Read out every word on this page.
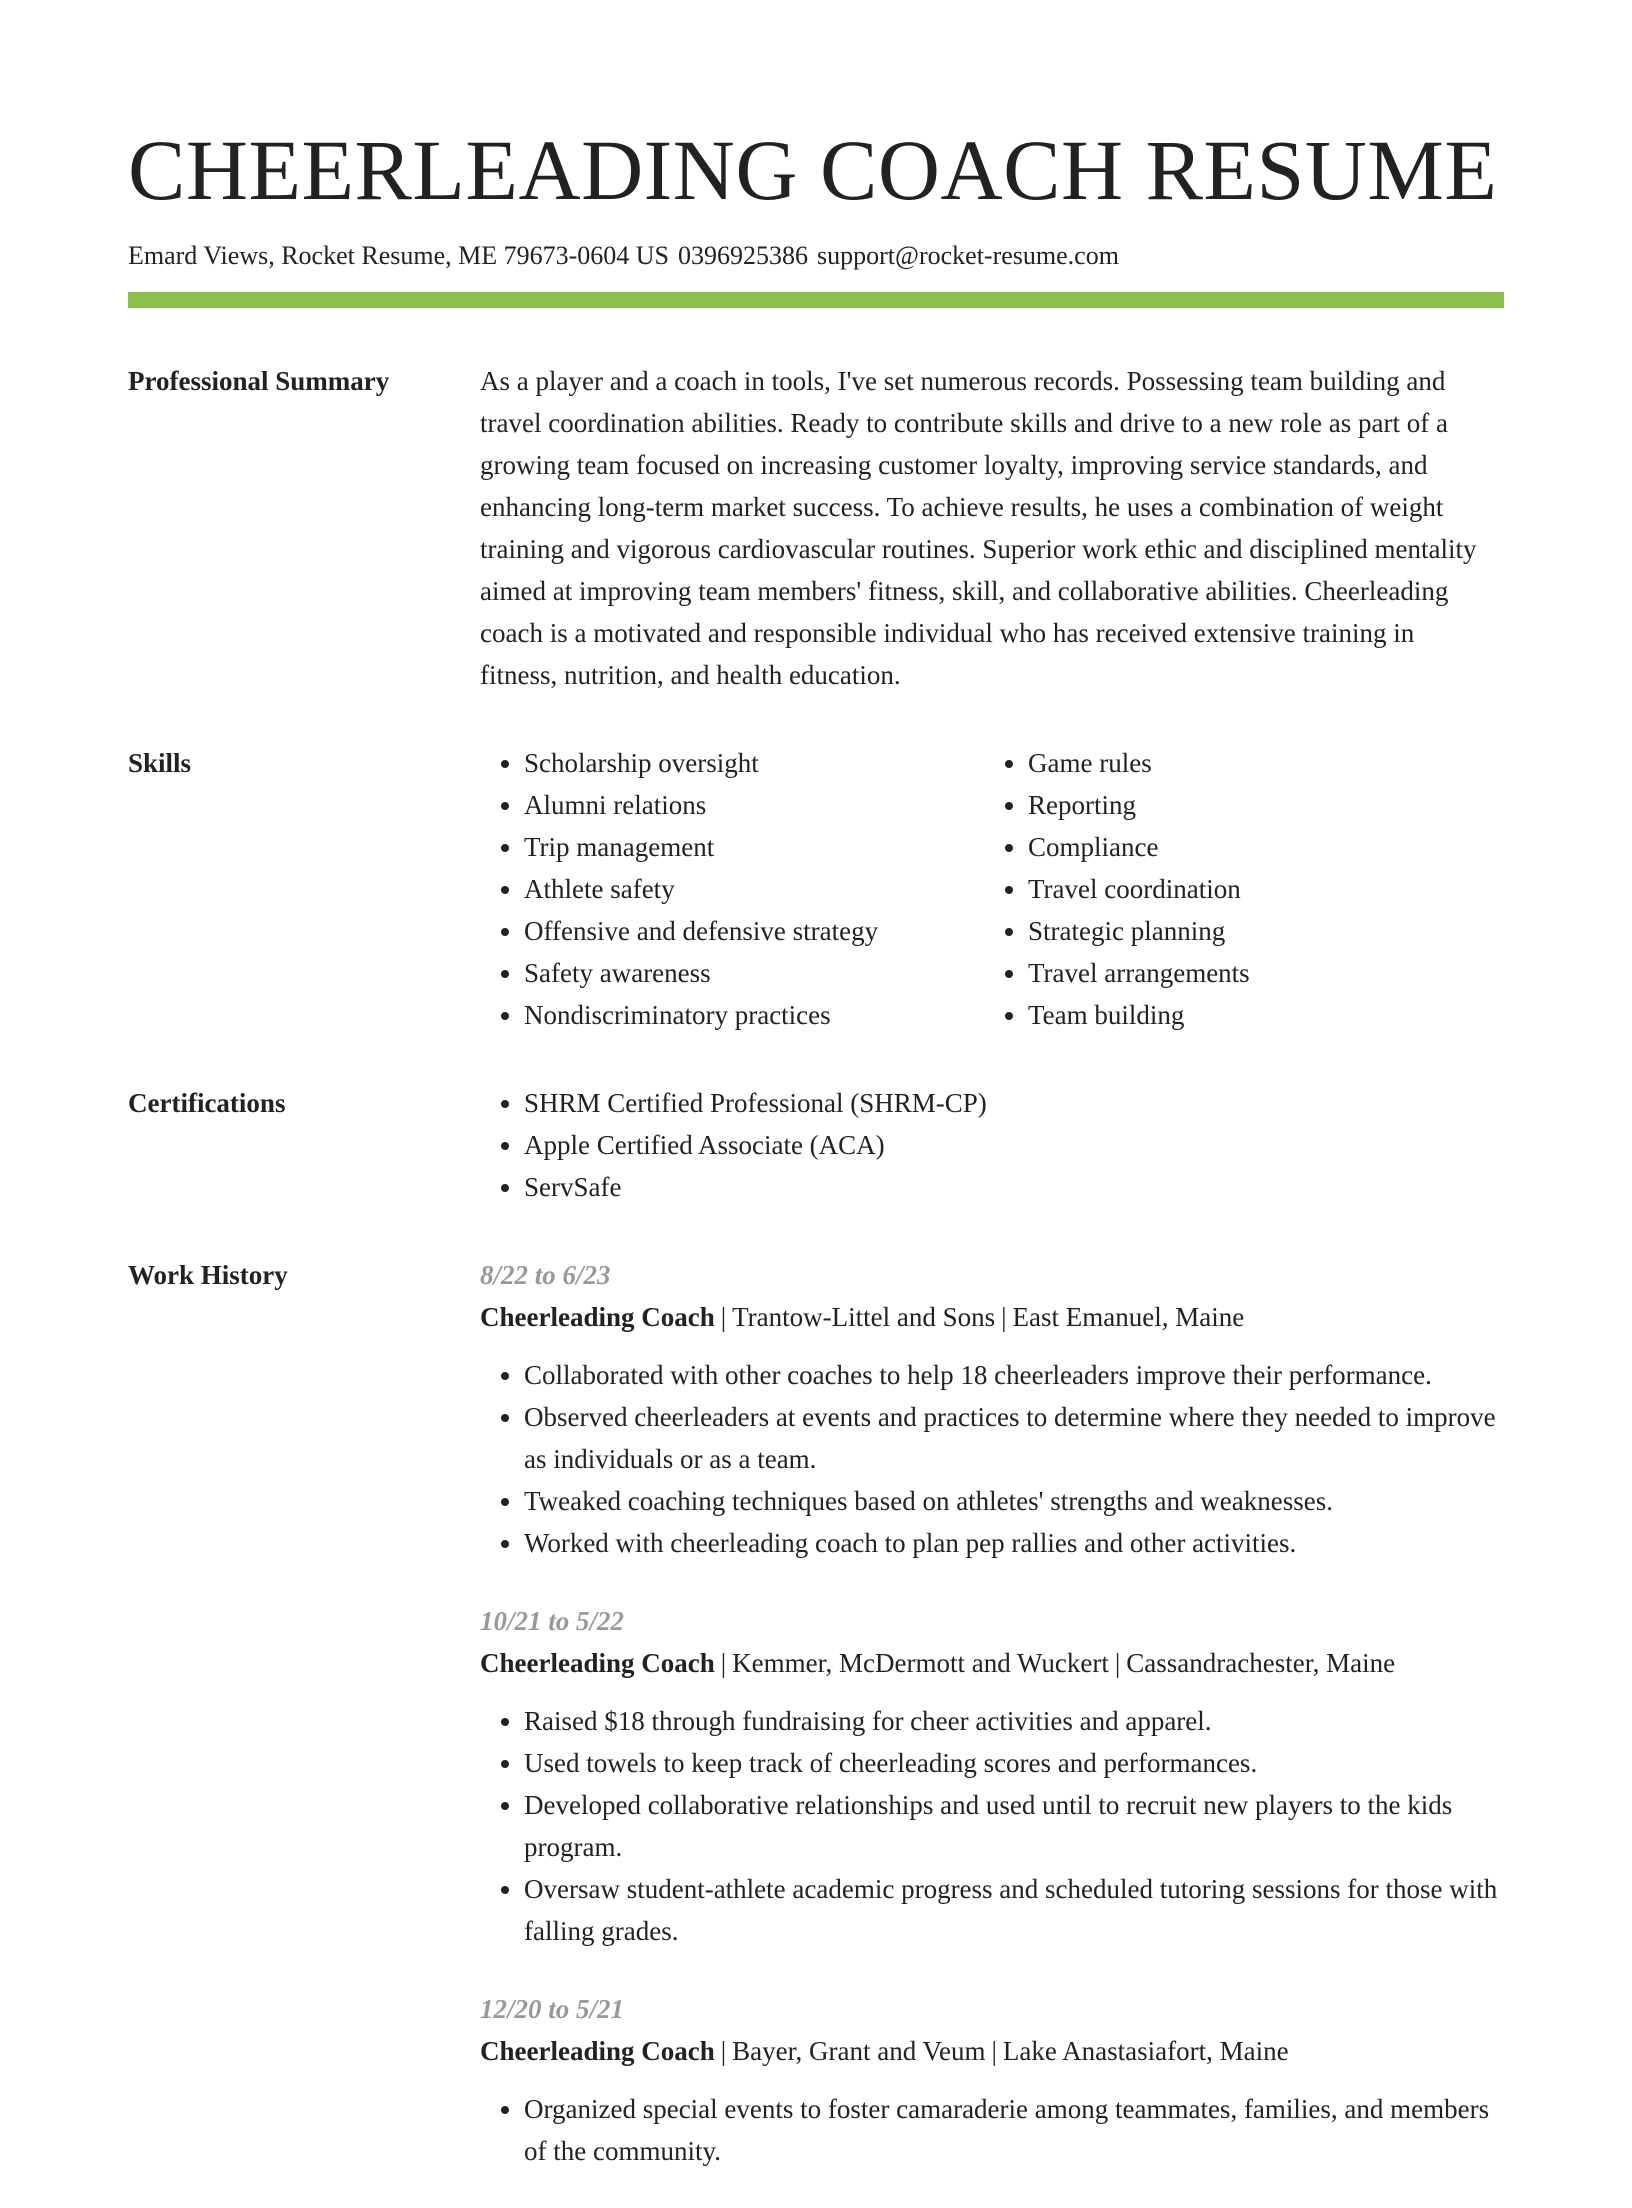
CHEERLEADING COACH RESUME
Emard Views, Rocket Resume, ME 79673-0604 US 0396925386 support@rocket-resume.com
Professional Summary	As a player and a coach in tools, I've set numerous records. Possessing team building and travel coordination abilities. Ready to contribute skills and drive to a new role as part of a growing team focused on increasing customer loyalty, improving service standards, and enhancing long-term market success. To achieve results, he uses a combination of weight training and vigorous cardiovascular routines. Superior work ethic and disciplined mentality aimed at improving team members' fitness, skill, and collaborative abilities. Cheerleading coach is a motivated and responsible individual who has received extensive training in fitness, nutrition, and health education.

Skills	• Scholarship oversight
• Alumni relations
• Trip management
• Athlete safety
• Offensive and defensive strategy
• Safety awareness
• Nondiscriminatory practices
• Game rules
• Reporting
• Compliance
• Travel coordination
• Strategic planning
• Travel arrangements
• Team building
Certifications	• SHRM Certified Professional (SHRM-CP)
• Apple Certified Associate (ACA)
• ServSafe
Work History	8/22 to 6/23
Cheerleading Coach | Trantow-Littel and Sons | East Emanuel, Maine
• Collaborated with other coaches to help 18 cheerleaders improve their performance.
• Observed cheerleaders at events and practices to determine where they needed to improve as individuals or as a team.
• Tweaked coaching techniques based on athletes' strengths and weaknesses.
• Worked with cheerleading coach to plan pep rallies and other activities.
10/21 to 5/22
Cheerleading Coach | Kemmer, McDermott and Wuckert | Cassandrachester, Maine
• Raised $18 through fundraising for cheer activities and apparel.
• Used towels to keep track of cheerleading scores and performances.
• Developed collaborative relationships and used until to recruit new players to the kids program.
• Oversaw student-athlete academic progress and scheduled tutoring sessions for those with falling grades.
12/20 to 5/21
Cheerleading Coach | Bayer, Grant and Veum | Lake Anastasiafort, Maine
• Organized special events to foster camaraderie among teammates, families, and members of the community.
